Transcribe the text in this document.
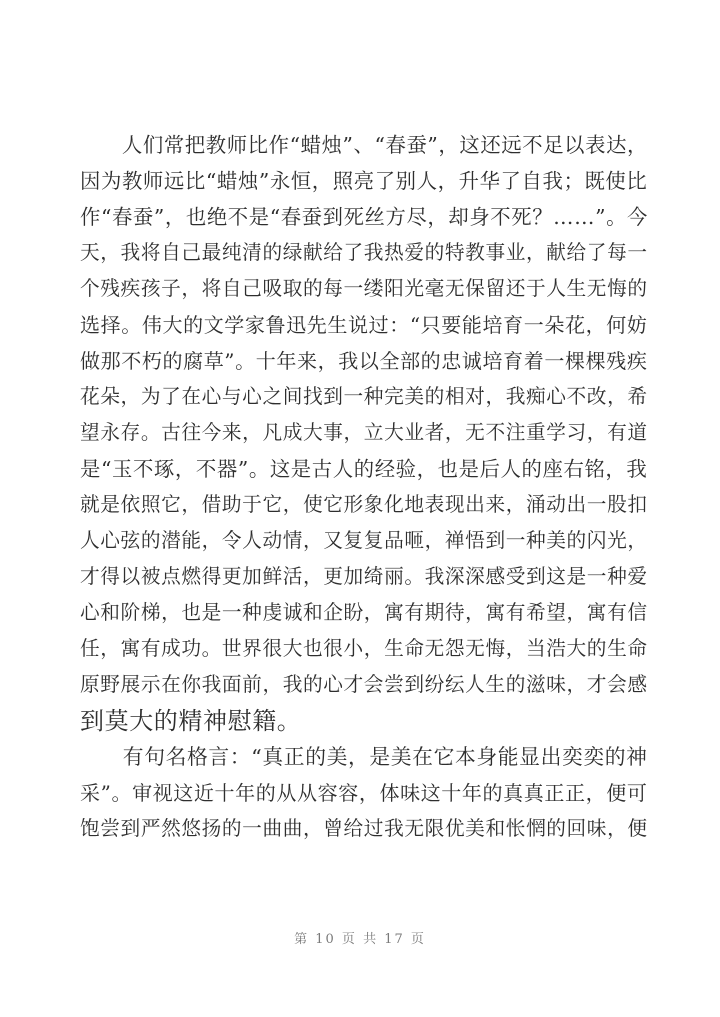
　　人们常把教师比作“蜡烛”、“春蚕”，这还远不足以表达，
因为教师远比“蜡烛”永恒，照亮了别人，升华了自我；既使比
作“春蚕”，也绝不是“春蚕到死丝方尽，却身不死？……”。今
天，我将自己最纯清的绿献给了我热爱的特教事业，献给了每一
个残疾孩子，将自己吸取的每一缕阳光毫无保留还于人生无悔的
选择。伟大的文学家鲁迅先生说过：“只要能培育一朵花，何妨
做那不朽的腐草”。十年来，我以全部的忠诚培育着一棵棵残疾
花朵，为了在心与心之间找到一种完美的相对，我痴心不改，希
望永存。古往今来，凡成大事，立大业者，无不注重学习，有道
是“玉不琢，不器”。这是古人的经验，也是后人的座右铭，我
就是依照它，借助于它，使它形象化地表现出来，涌动出一股扣
人心弦的潜能，令人动情，又复复品咂，禅悟到一种美的闪光，
才得以被点燃得更加鲜活，更加绮丽。我深深感受到这是一种爱
心和阶梯，也是一种虔诚和企盼，寓有期待，寓有希望，寓有信
任，寓有成功。世界很大也很小，生命无怨无悔，当浩大的生命
原野展示在你我面前，我的心才会尝到纷纭人生的滋味，才会感
到莫大的精神慰籍。
　　有句名格言：“真正的美，是美在它本身能显出奕奕的神
采”。审视这近十年的从从容容，体味这十年的真真正正，便可
饱尝到严然悠扬的一曲曲，曾给过我无限优美和怅惘的回味，便
第 10 页 共 17 页
